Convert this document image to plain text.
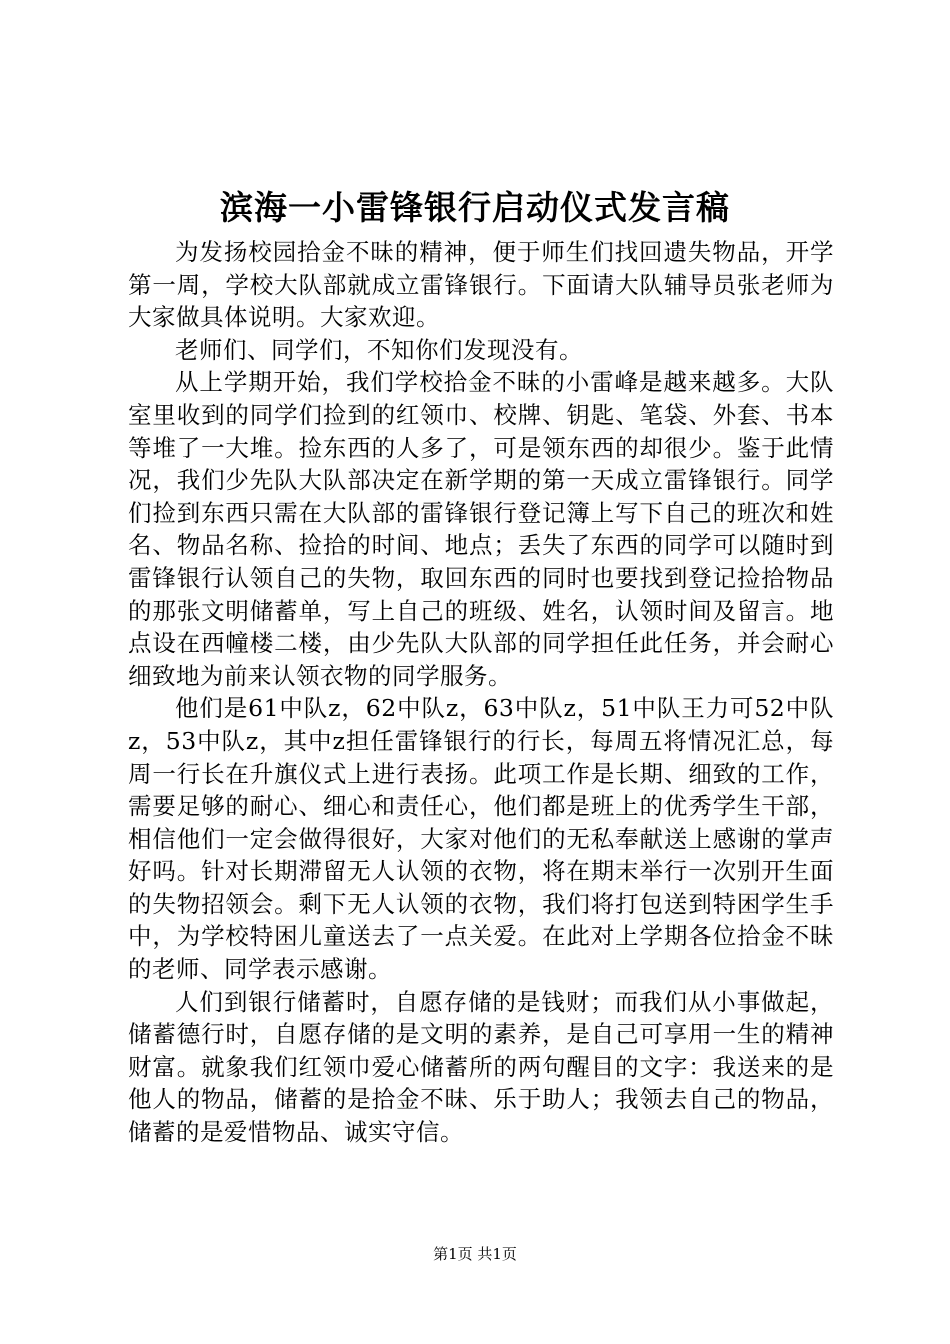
滨海一小雷锋银行启动仪式发言稿

为发扬校园拾金不昧的精神，便于师生们找回遗失物品，开学第一周，学校大队部就成立雷锋银行。下面请大队辅导员张老师为大家做具体说明。大家欢迎。

老师们、同学们，不知你们发现没有。

从上学期开始，我们学校拾金不昧的小雷峰是越来越多。大队室里收到的同学们捡到的红领巾、校牌、钥匙、笔袋、外套、书本等堆了一大堆。捡东西的人多了，可是领东西的却很少。鉴于此情况，我们少先队大队部决定在新学期的第一天成立雷锋银行。同学们捡到东西只需在大队部的雷锋银行登记簿上写下自己的班次和姓名、物品名称、捡拾的时间、地点；丢失了东西的同学可以随时到雷锋银行认领自己的失物，取回东西的同时也要找到登记捡拾物品的那张文明储蓄单，写上自己的班级、姓名，认领时间及留言。地点设在西幢楼二楼，由少先队大队部的同学担任此任务，并会耐心细致地为前来认领衣物的同学服务。

他们是61中队z，62中队z，63中队z，51中队王力可52中队z，53中队z，其中z担任雷锋银行的行长，每周五将情况汇总，每周一行长在升旗仪式上进行表扬。此项工作是长期、细致的工作，需要足够的耐心、细心和责任心，他们都是班上的优秀学生干部，相信他们一定会做得很好，大家对他们的无私奉献送上感谢的掌声好吗。针对长期滞留无人认领的衣物，将在期末举行一次别开生面的失物招领会。剩下无人认领的衣物，我们将打包送到特困学生手中，为学校特困儿童送去了一点关爱。在此对上学期各位拾金不昧的老师、同学表示感谢。

人们到银行储蓄时，自愿存储的是钱财；而我们从小事做起，储蓄德行时，自愿存储的是文明的素养，是自己可享用一生的精神财富。就象我们红领巾爱心储蓄所的两句醒目的文字：我送来的是他人的物品，储蓄的是拾金不昧、乐于助人；我领去自己的物品，储蓄的是爱惜物品、诚实守信。

第1页 共1页
